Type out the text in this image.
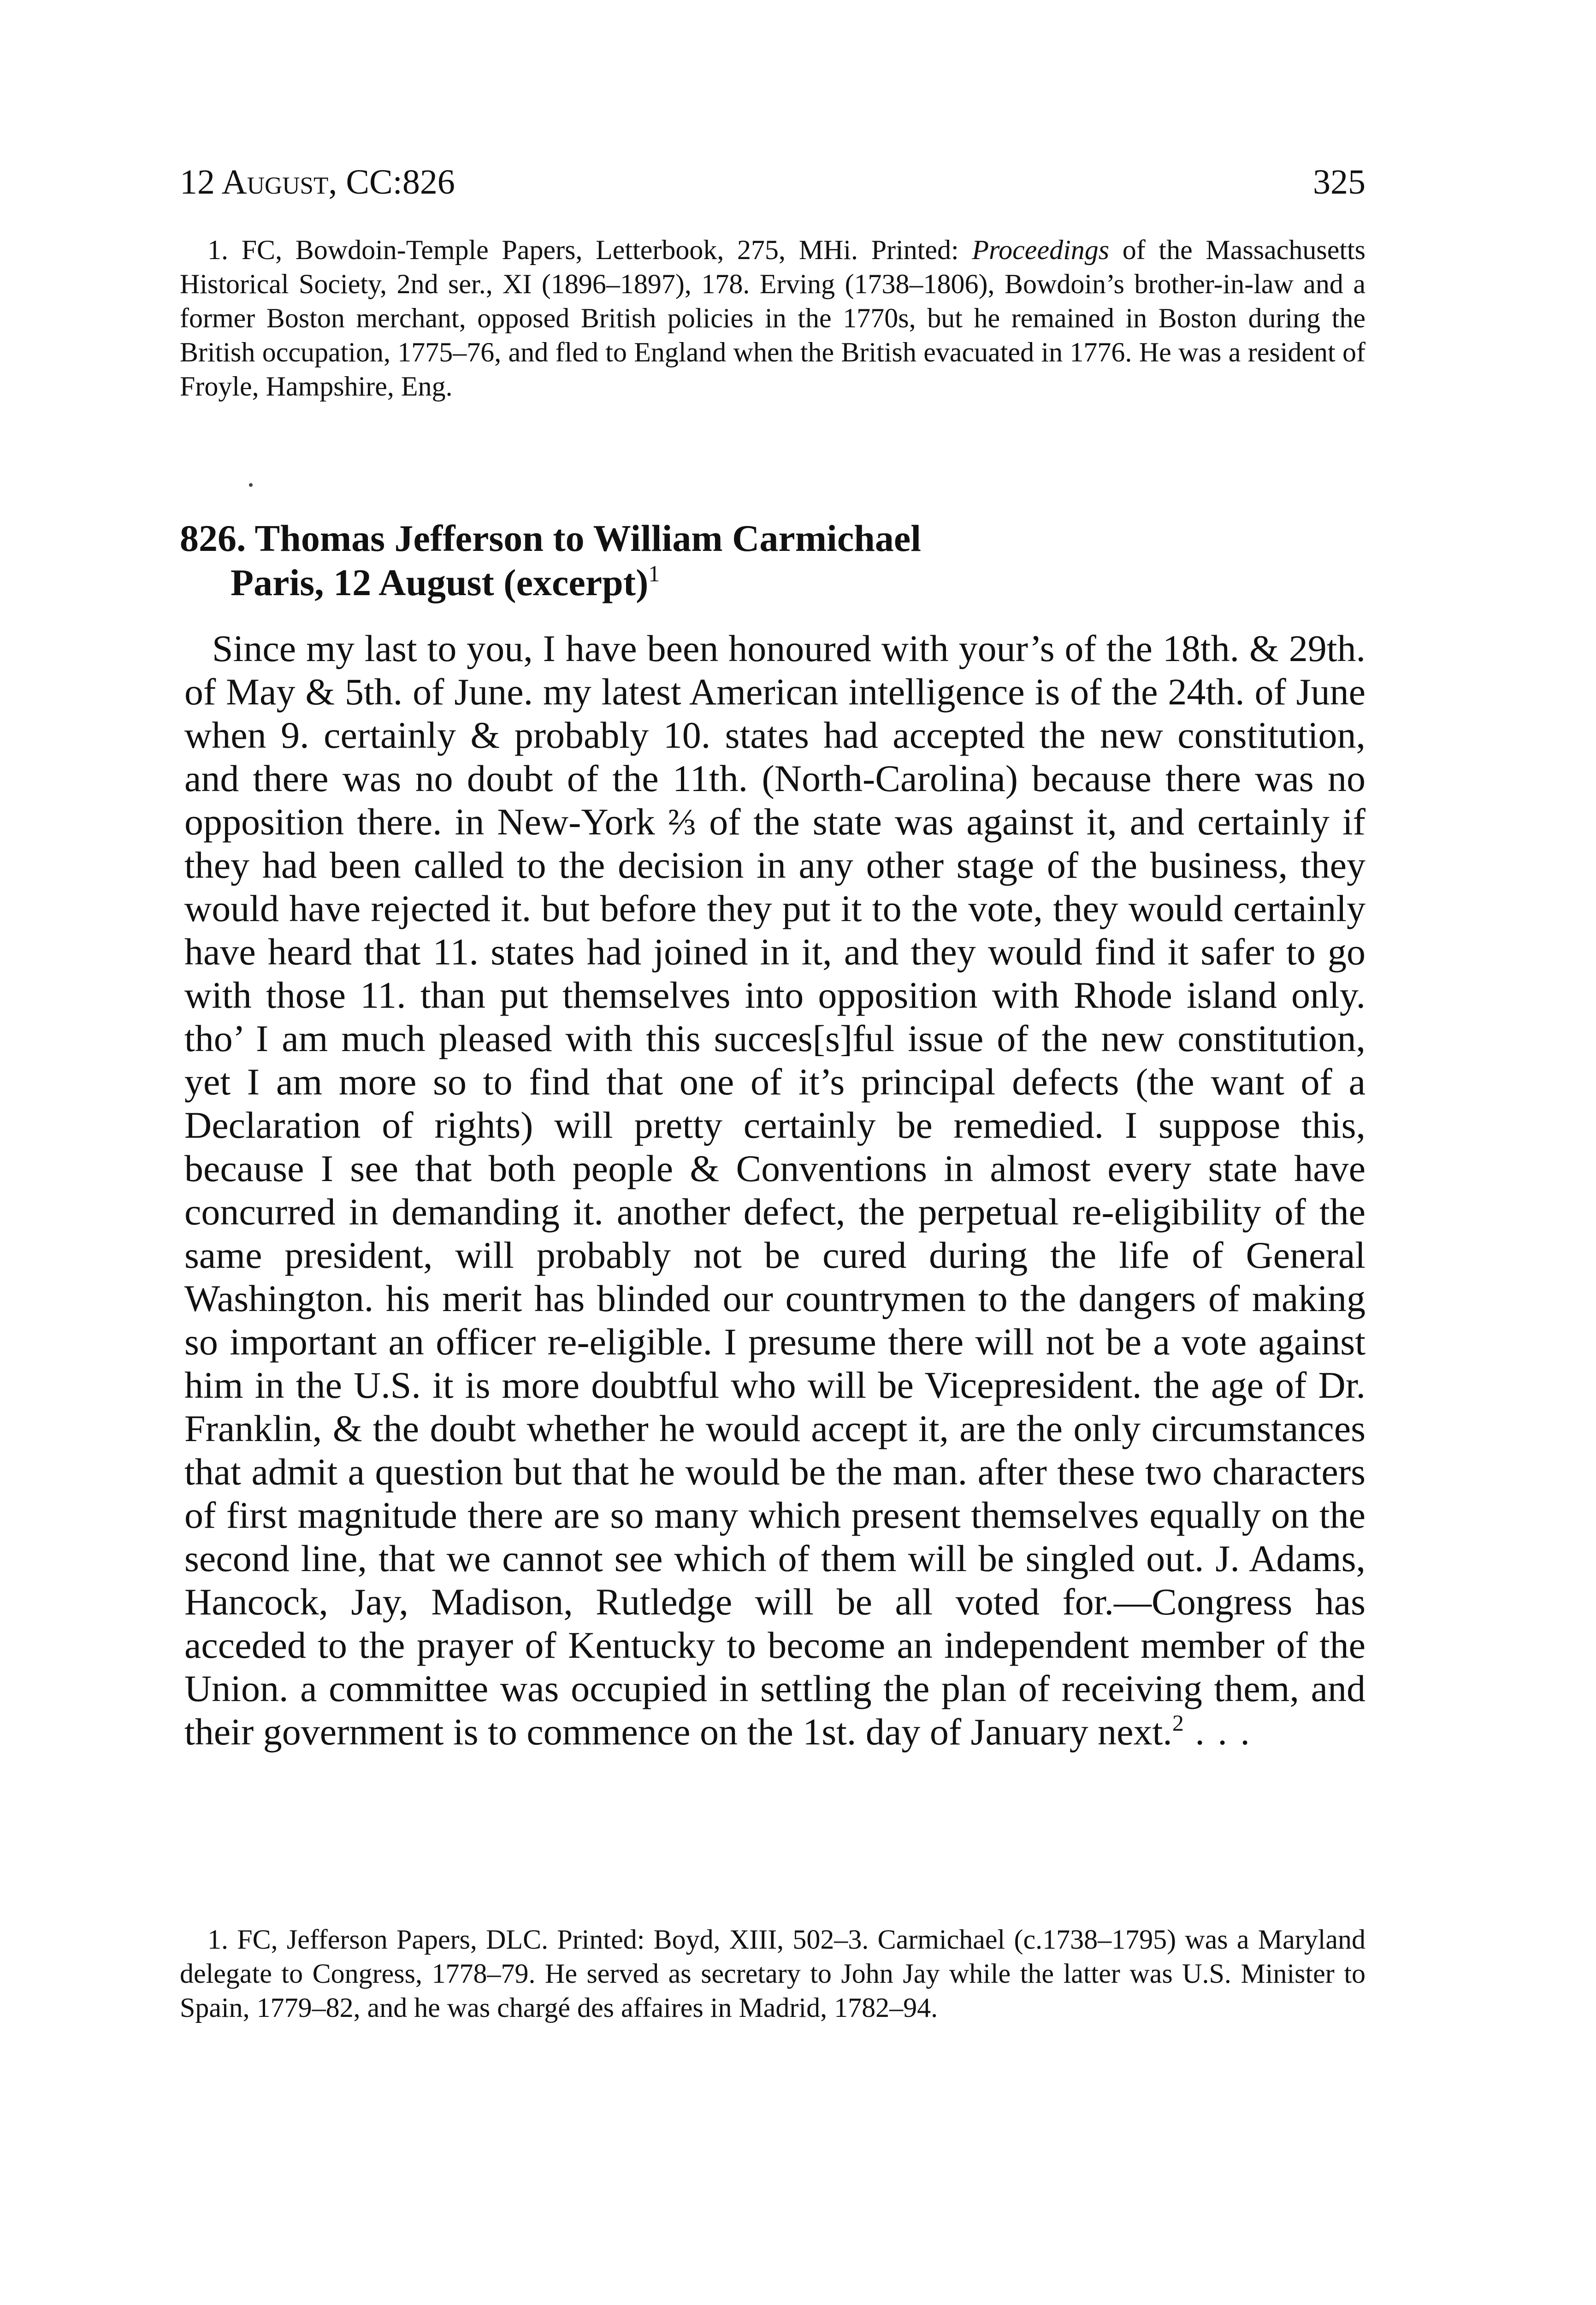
12 August, CC:826	325

1. FC, Bowdoin-Temple Papers, Letterbook, 275, MHi. Printed: Proceedings of the Massachusetts Historical Society, 2nd ser., XI (1896–1897), 178. Erving (1738–1806), Bowdoin’s brother-in-law and a former Boston merchant, opposed British policies in the 1770s, but he remained in Boston during the British occupation, 1775–76, and fled to England when the British evacuated in 1776. He was a resident of Froyle, Hampshire, Eng.

826. Thomas Jefferson to William Carmichael
Paris, 12 August (excerpt)$^1$

Since my last to you, I have been honoured with your’s of the 18th. & 29th. of May & 5th. of June. my latest American intelligence is of the 24th. of June when 9. certainly & probably 10. states had accepted the new constitution, and there was no doubt of the 11th. (North-Carolina) because there was no opposition there. in New-York ⅔ of the state was against it, and certainly if they had been called to the decision in any other stage of the business, they would have rejected it. but before they put it to the vote, they would certainly have heard that 11. states had joined in it, and they would find it safer to go with those 11. than put themselves into opposition with Rhode island only. tho’ I am much pleased with this succes[s]ful issue of the new constitution, yet I am more so to find that one of it’s principal defects (the want of a Declaration of rights) will pretty certainly be remedied. I suppose this, because I see that both people & Conventions in almost every state have concurred in demanding it. another defect, the perpetual re-eligibility of the same president, will probably not be cured during the life of General Washington. his merit has blinded our countrymen to the dangers of making so important an officer re-eligible. I presume there will not be a vote against him in the U.S. it is more doubtful who will be Vicepresident. the age of Dr. Franklin, & the doubt whether he would accept it, are the only circumstances that admit a question but that he would be the man. after these two characters of first magnitude there are so many which present themselves equally on the second line, that we cannot see which of them will be singled out. J. Adams, Hancock, Jay, Madison, Rutledge will be all voted for.—Congress has acceded to the prayer of Kentucky to become an independent member of the Union. a committee was occupied in settling the plan of receiving them, and their government is to commence on the 1st. day of January next.$^2$ . . .

1. FC, Jefferson Papers, DLC. Printed: Boyd, XIII, 502–3. Carmichael (c.1738–1795) was a Maryland delegate to Congress, 1778–79. He served as secretary to John Jay while the latter was U.S. Minister to Spain, 1779–82, and he was chargé des affaires in Madrid, 1782–94.
